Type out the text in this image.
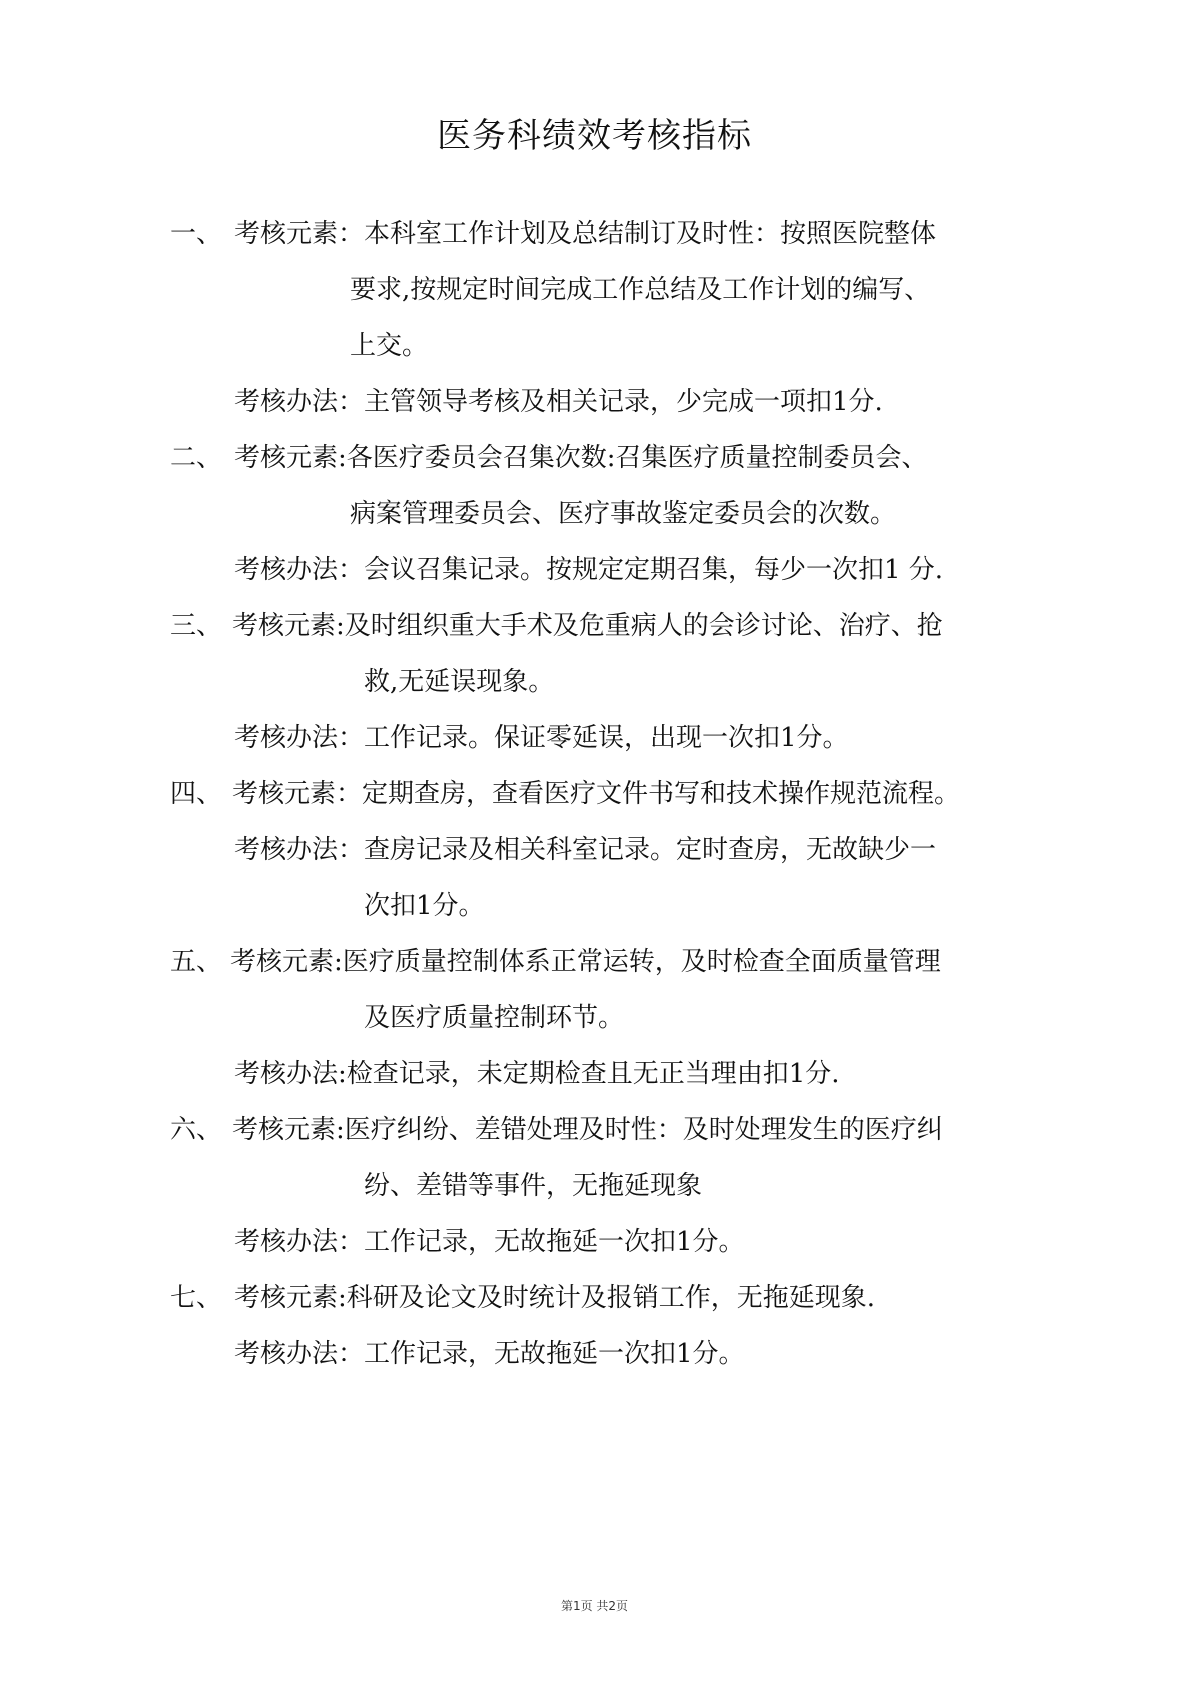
医务科绩效考核指标
一、 考核元素：本科室工作计划及总结制订及时性：按照医院整体
要求,按规定时间完成工作总结及工作计划的编写、
上交。
考核办法：主管领导考核及相关记录，少完成一项扣1分.
二、 考核元素:各医疗委员会召集次数:召集医疗质量控制委员会、
病案管理委员会、医疗事故鉴定委员会的次数。
考核办法：会议召集记录。按规定定期召集，每少一次扣1 分.
三、 考核元素:及时组织重大手术及危重病人的会诊讨论、治疗、抢
救,无延误现象。
考核办法：工作记录。保证零延误，出现一次扣1分。
四、 考核元素：定期查房，查看医疗文件书写和技术操作规范流程。
考核办法：查房记录及相关科室记录。定时查房，无故缺少一
次扣1分。
五、 考核元素:医疗质量控制体系正常运转，及时检查全面质量管理
及医疗质量控制环节。
考核办法:检查记录，未定期检查且无正当理由扣1分.
六、 考核元素:医疗纠纷、差错处理及时性：及时处理发生的医疗纠
纷、差错等事件，无拖延现象
考核办法：工作记录，无故拖延一次扣1分。
七、 考核元素:科研及论文及时统计及报销工作，无拖延现象.
考核办法：工作记录，无故拖延一次扣1分。
第1页 共2页
